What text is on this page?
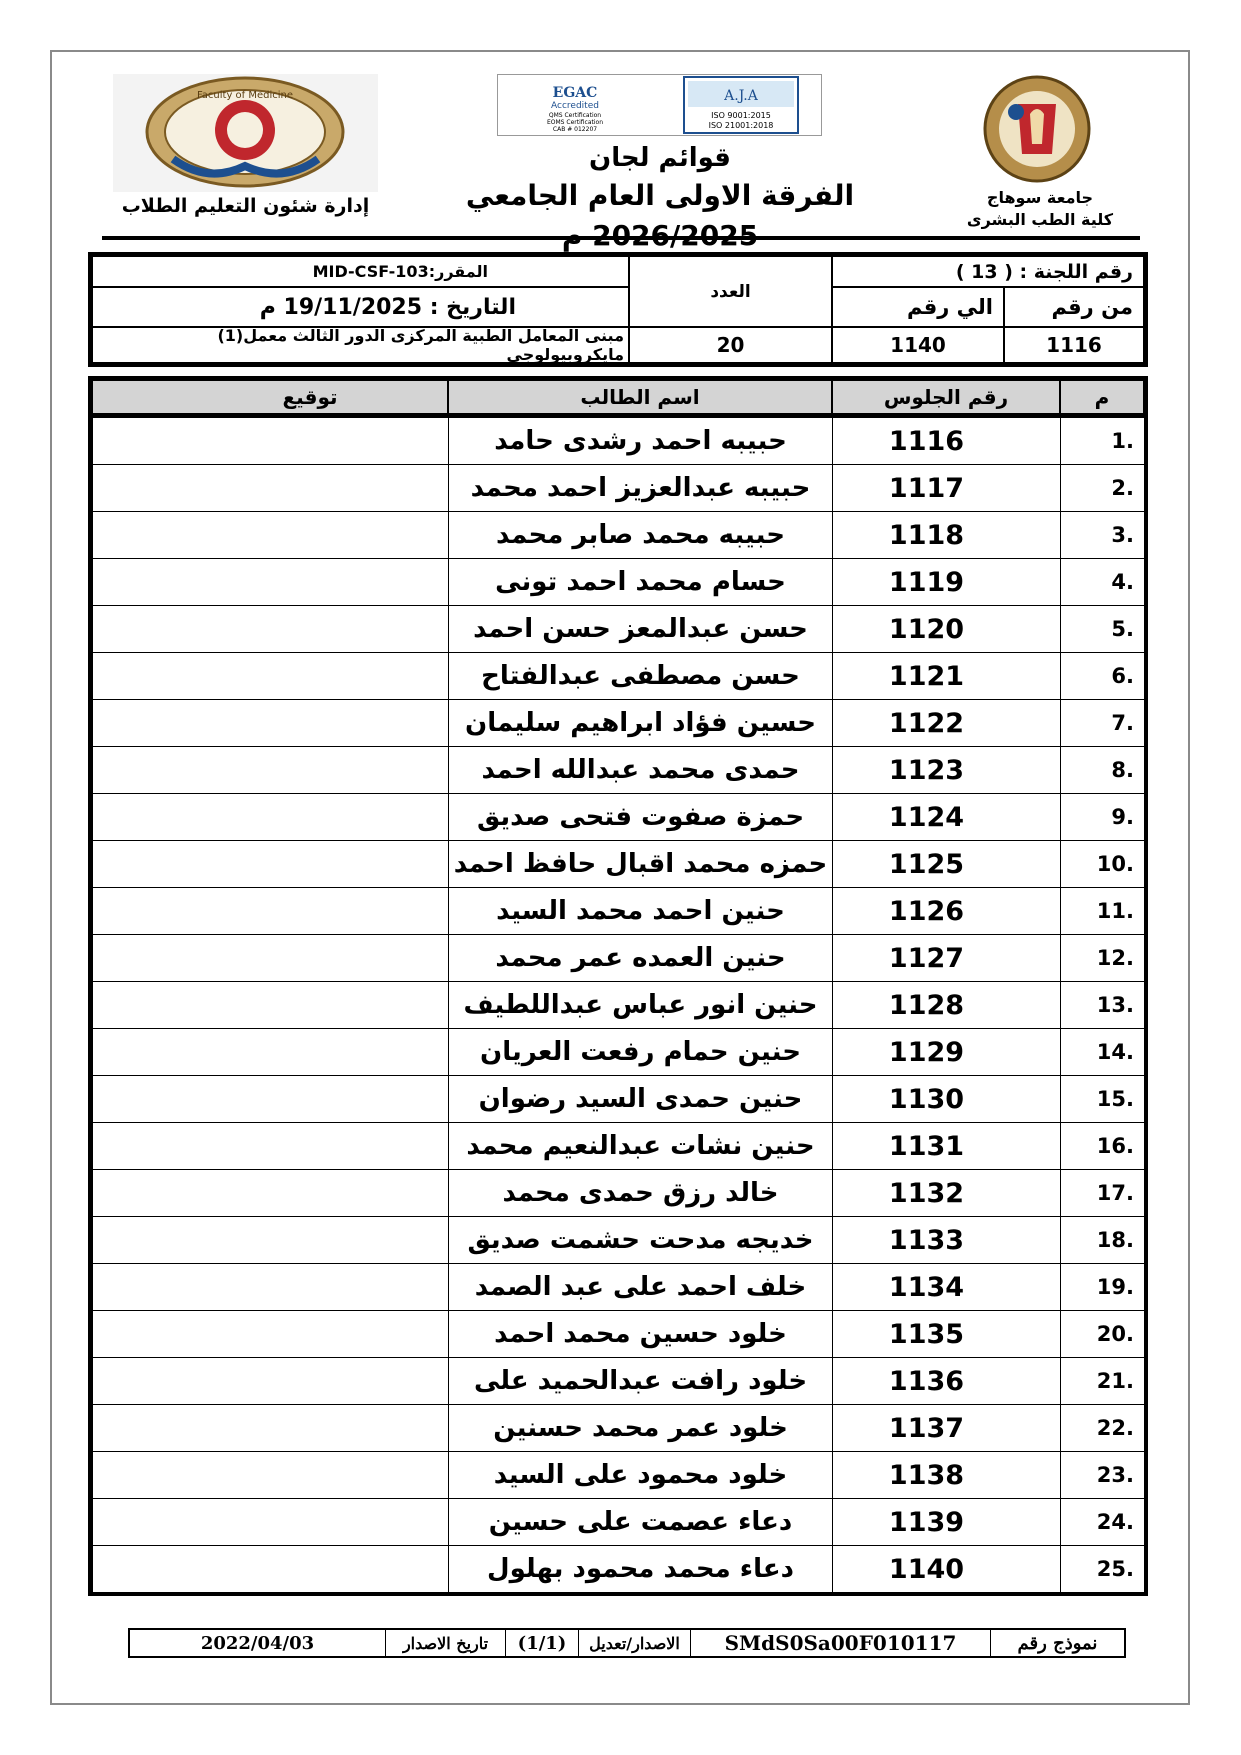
Faculty of Medicine
إدارة شئون التعليم الطلاب
EGAC
Accredited
QMS Certification
EOMS Certification
CAB # 012207
A.J.A
ISO 9001:2015
ISO 21001:2018
قوائم لجان
الفرقة الاولى العام الجامعي	جامعة سوهاج
كلية الطب البشرى
رقم اللجنة : ( 13 )
من رقم
الي رقم
1116
1140
العدد
20
المقرر:
MID-CSF-103
التاريخ : 19/11/2025 م
مبنى المعامل الطبية المركزى الدور الثالث معمل(1) مايكروبيولوجى
م
رقم الجلوس
اسم الطالب
توقيع
1.
1116
حبيبه احمد رشدى حامد
2.
1117
حبيبه عبدالعزيز احمد محمد
3.
1118
حبيبه محمد صابر محمد
4.
1119
حسام محمد احمد تونى
5.
1120
حسن عبدالمعز حسن احمد
6.
1121
حسن مصطفى عبدالفتاح
7.
1122
حسين فؤاد ابراهيم سليمان
8.
1123
حمدى محمد عبدالله احمد
9.
1124
حمزة صفوت فتحى صديق
10.
1125
حمزه محمد اقبال حافظ احمد
11.
1126
حنين احمد محمد السيد
12.
1127
حنين العمده عمر محمد
13.
1128
حنين انور عباس عبداللطيف
14.
1129
حنين حمام رفعت العريان
15.
1130
حنين حمدى السيد رضوان
16.
1131
حنين نشات عبدالنعيم محمد
17.
1132
خالد رزق حمدى محمد
18.
1133
خديجه مدحت حشمت صديق
19.
1134
خلف احمد على عبد الصمد
20.
1135
خلود حسين محمد احمد
21.
1136
خلود رافت عبدالحميد على
22.
1137
خلود عمر محمد حسنين
23.
1138
خلود محمود على السيد
24.
1139
دعاء عصمت على حسين
25.
1140
دعاء محمد محمود بهلول
نموذج رقم
SMdS0Sa00F010117
الاصدار/تعديل
(1/1)
تاريخ الاصدار
2022/04/03
